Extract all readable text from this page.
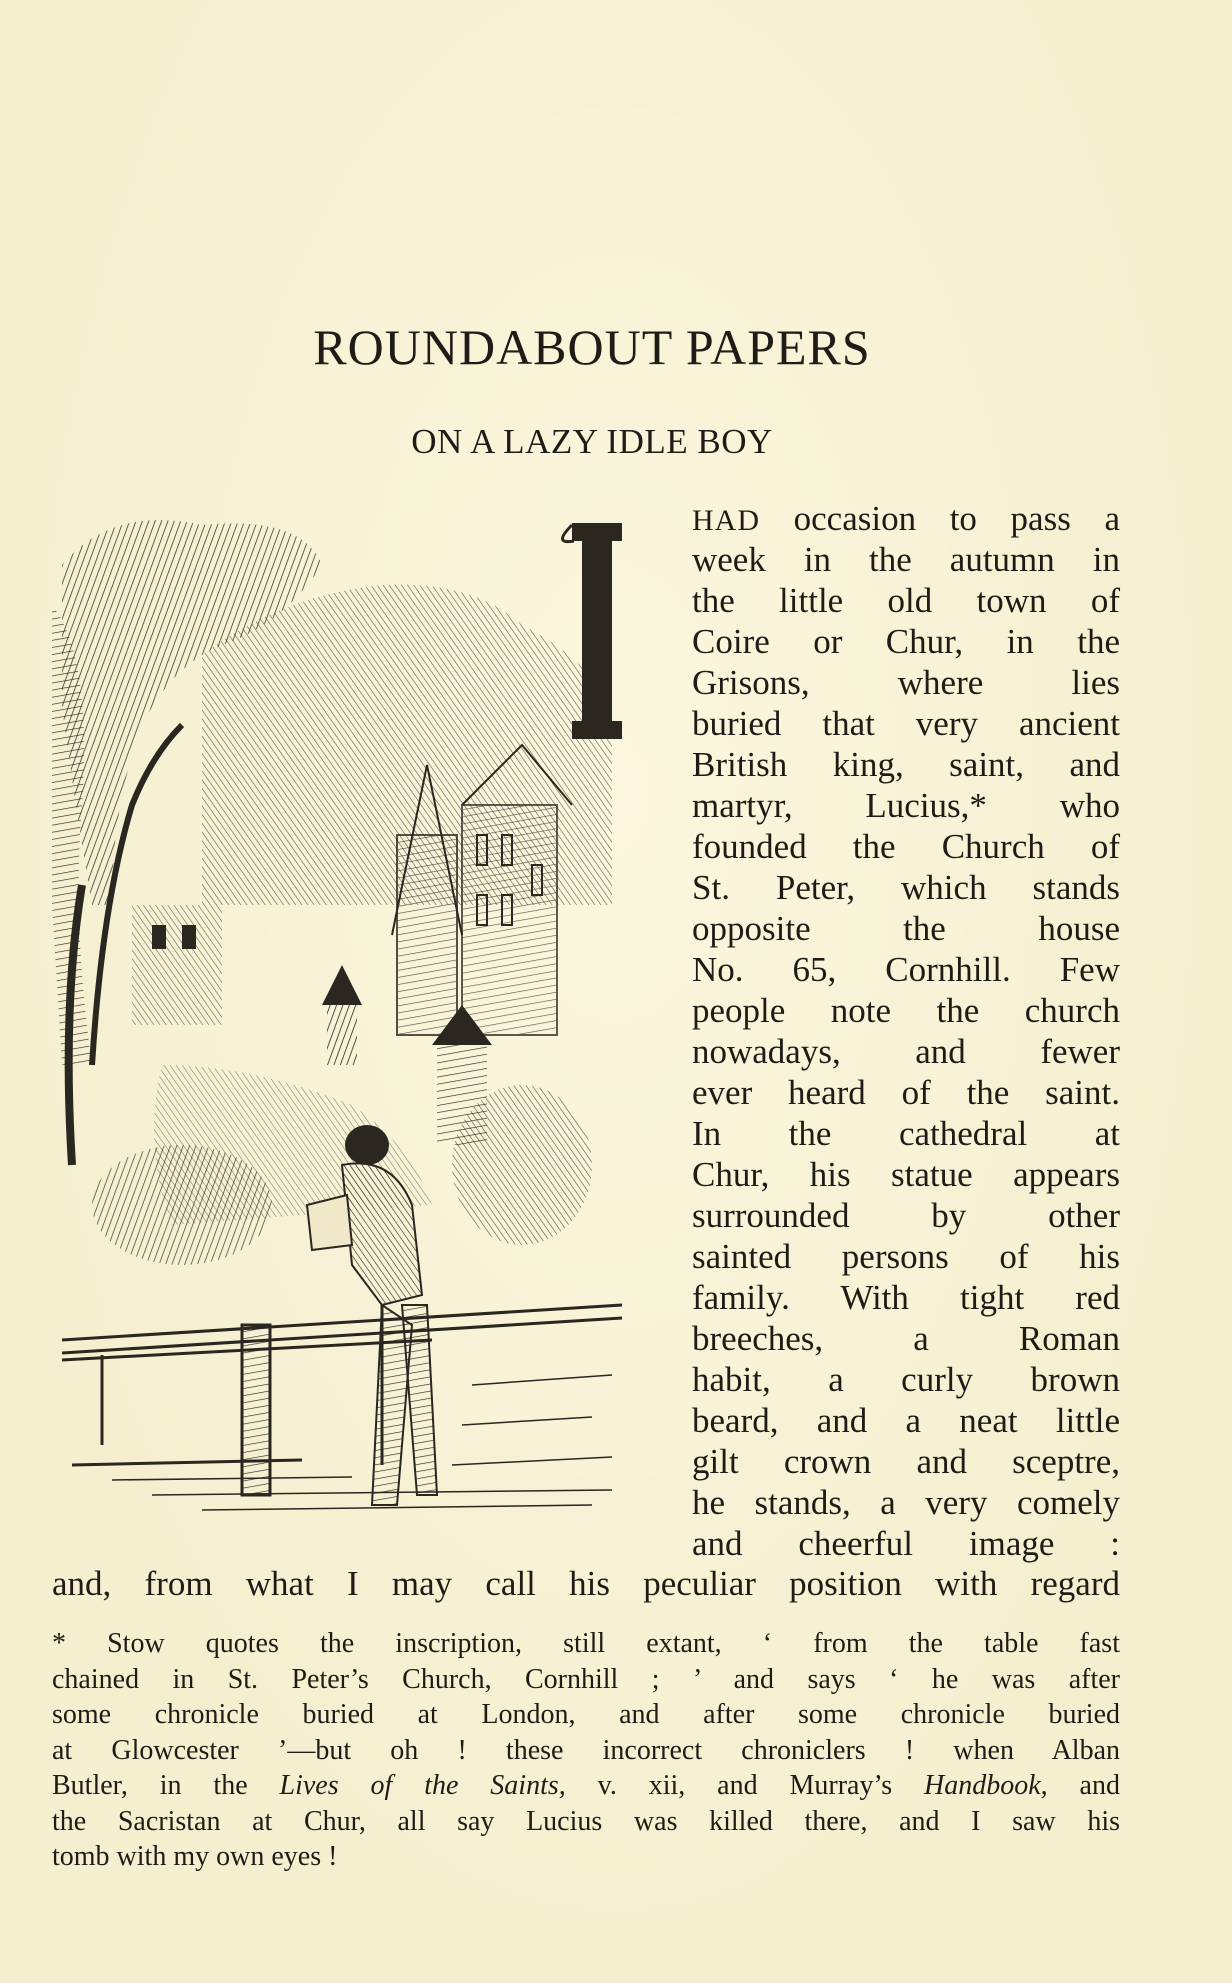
ROUNDABOUT PAPERS
ON A LAZY IDLE BOY
HAD occasion to pass a
week in the autumn in
the little old town of
Coire or Chur, in the
Grisons, where lies
buried that very ancient
British king, saint, and
martyr, Lucius,* who
founded the Church of
St. Peter, which stands
opposite the house
No. 65, Cornhill. Few
people note the church
nowadays, and fewer
ever heard of the saint.
In the cathedral at
Chur, his statue appears
surrounded by other
sainted persons of his
family. With tight red
breeches, a Roman
habit, a curly brown
beard, and a neat little
gilt crown and sceptre,
he stands, a very comely
and cheerful image :
and, from what I may call his peculiar position with regard
* Stow quotes the inscription, still extant, ‘ from the table fast
chained in St. Peter’s Church, Cornhill ; ’ and says ‘ he was after
some chronicle buried at London, and after some chronicle buried
at Glowcester ’—but oh ! these incorrect chroniclers ! when Alban
Butler, in the Lives of the Saints, v. xii, and Murray’s Handbook, and
the Sacristan at Chur, all say Lucius was killed there, and I saw his
tomb with my own eyes !
